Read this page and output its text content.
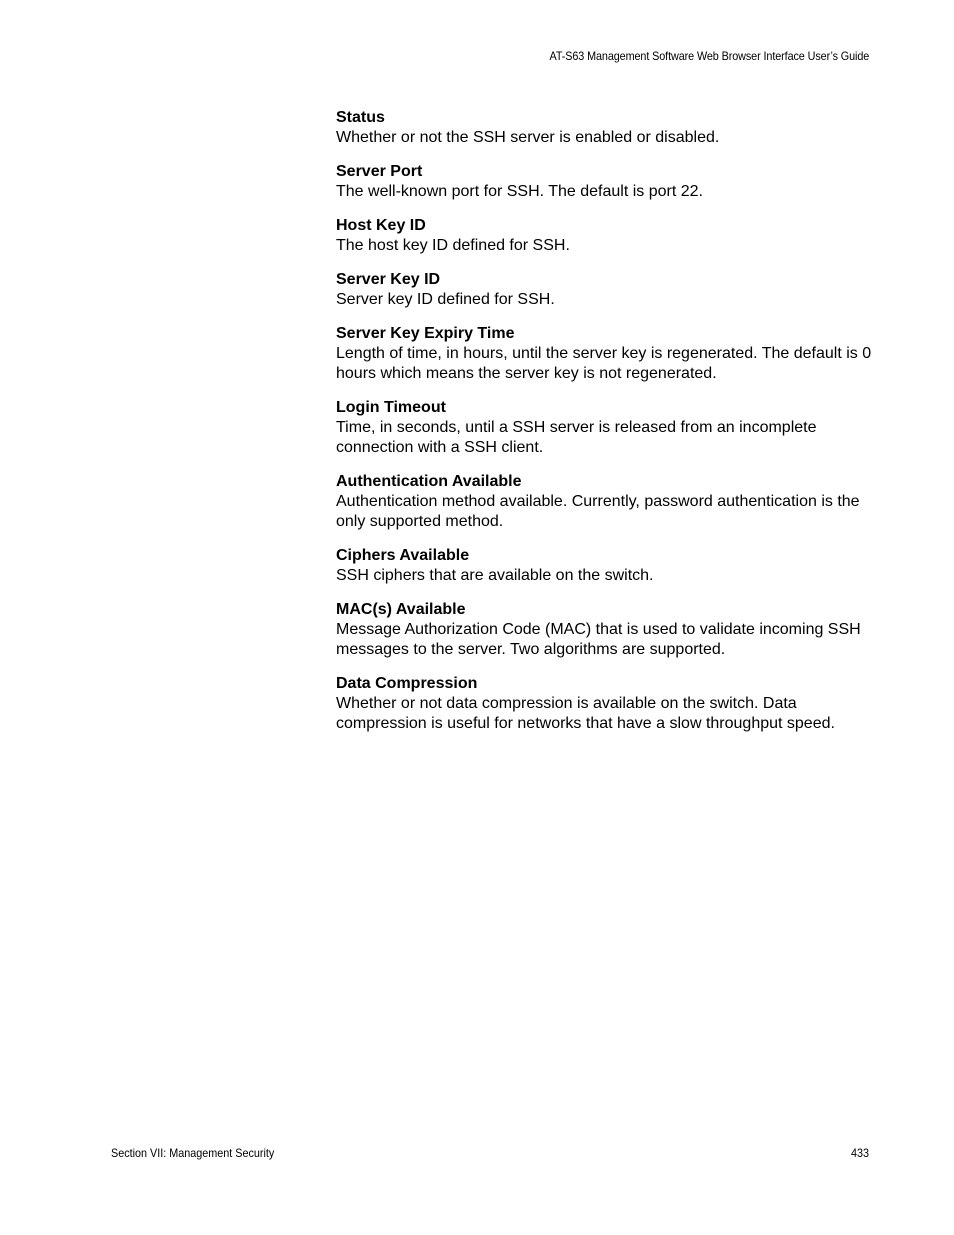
AT-S63 Management Software Web Browser Interface User’s Guide

Status

Whether or not the SSH server is enabled or disabled.

Server Port

The well-known port for SSH. The default is port 22.

Host Key ID

The host key ID defined for SSH.

Server Key ID

Server key ID defined for SSH.

Server Key Expiry Time

Length of time, in hours, until the server key is regenerated. The default is 0 hours which means the server key is not regenerated.

Login Timeout

Time, in seconds, until a SSH server is released from an incomplete connection with a SSH client.

Authentication Available

Authentication method available. Currently, password authentication is the only supported method.

Ciphers Available

SSH ciphers that are available on the switch.

MAC(s) Available

Message Authorization Code (MAC) that is used to validate incoming SSH messages to the server. Two algorithms are supported.

Data Compression

Whether or not data compression is available on the switch. Data compression is useful for networks that have a slow throughput speed.

Section VII: Management Security	433
